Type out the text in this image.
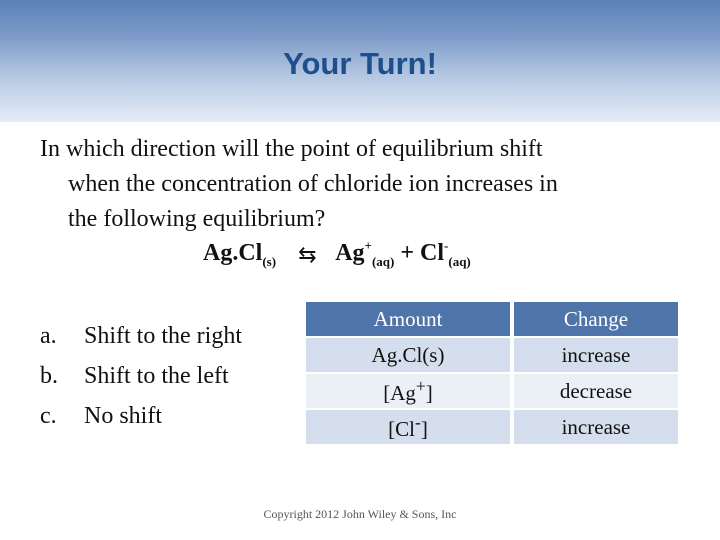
Your Turn!
In which direction will the point of equilibrium shift
when the concentration of chloride ion increases in
the following equilibrium?
$Ag.Cl_{(s)}$ ⇆ $Ag^+_{(aq)} + Cl^-_{(aq)}$
a.	Shift to the right
b.	Shift to the left
c.	No shift
Amount		Change
Ag.Cl(s)		increase
[Ag+]		decrease
[Cl-]		increase
Copyright 2012 John Wiley & Sons, Inc
